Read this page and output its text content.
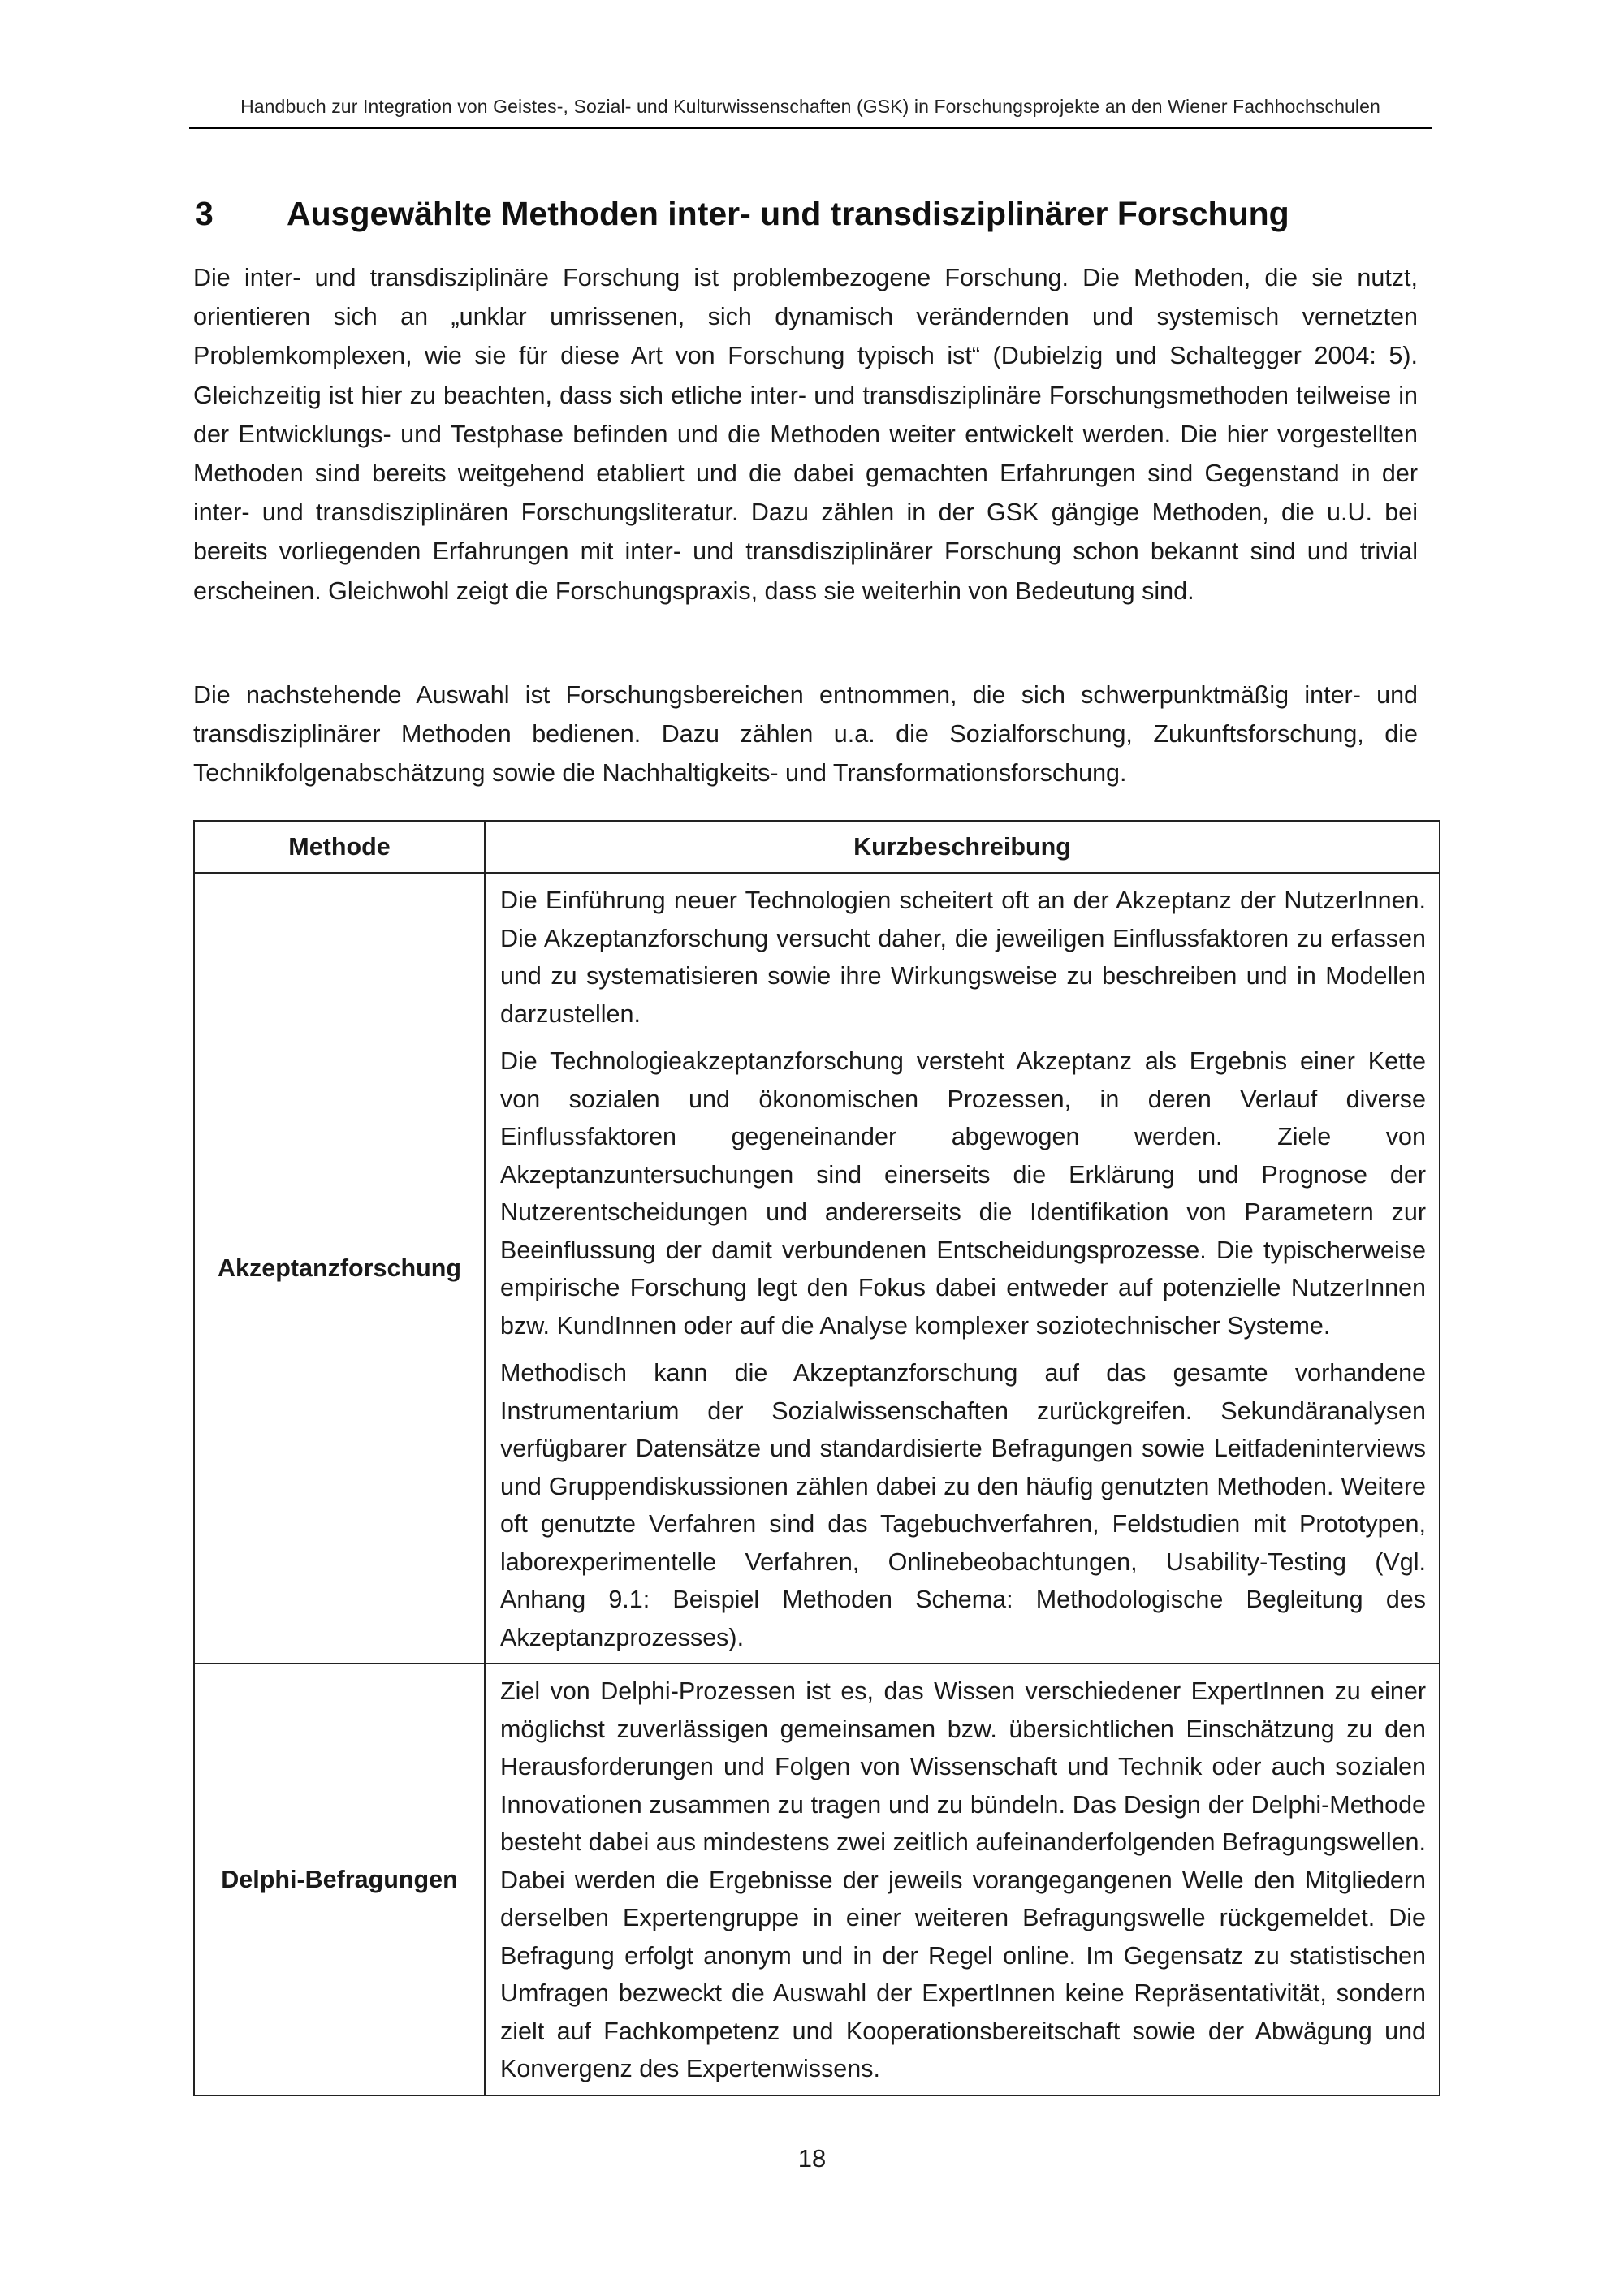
Handbuch zur Integration von Geistes-, Sozial- und Kulturwissenschaften (GSK) in Forschungsprojekte an den Wiener Fachhochschulen
3 Ausgewählte Methoden inter- und transdisziplinärer Forschung
Die inter- und transdisziplinäre Forschung ist problembezogene Forschung. Die Methoden, die sie nutzt, orientieren sich an „unklar umrissenen, sich dynamisch verändernden und systemisch vernetzten Problemkomplexen, wie sie für diese Art von Forschung typisch ist“ (Dubielzig und Schaltegger 2004: 5). Gleichzeitig ist hier zu beachten, dass sich etliche inter- und transdisziplinäre Forschungsmethoden teilweise in der Entwicklungs- und Testphase befinden und die Methoden weiter entwickelt werden. Die hier vorgestellten Methoden sind bereits weitgehend etabliert und die dabei gemachten Erfahrungen sind Gegenstand in der inter- und transdisziplinären Forschungsliteratur. Dazu zählen in der GSK gängige Methoden, die u.U. bei bereits vorliegenden Erfahrungen mit inter- und transdisziplinärer Forschung schon bekannt sind und trivial erscheinen. Gleichwohl zeigt die Forschungspraxis, dass sie weiterhin von Bedeutung sind.
Die nachstehende Auswahl ist Forschungsbereichen entnommen, die sich schwerpunktmäßig inter- und transdisziplinärer Methoden bedienen. Dazu zählen u.a. die Sozialforschung, Zukunftsforschung, die Technikfolgenabschätzung sowie die Nachhaltigkeits- und Transformationsforschung.
Methode	Kurzbeschreibung
Akzeptanzforschung	Die Einführung neuer Technologien scheitert oft an der Akzeptanz der NutzerInnen. Die Akzeptanzforschung versucht daher, die jeweiligen Einflussfaktoren zu erfassen und zu systematisieren sowie ihre Wirkungsweise zu beschreiben und in Modellen darzustellen.

Die Technologieakzeptanzforschung versteht Akzeptanz als Ergebnis einer Kette von sozialen und ökonomischen Prozessen, in deren Verlauf diverse Einflussfaktoren gegeneinander abgewogen werden. Ziele von Akzeptanzuntersuchungen sind einerseits die Erklärung und Prognose der Nutzerentscheidungen und andererseits die Identifikation von Parametern zur Beeinflussung der damit verbundenen Entscheidungsprozesse. Die typischerweise empirische Forschung legt den Fokus dabei entweder auf potenzielle NutzerInnen bzw. KundInnen oder auf die Analyse komplexer soziotechnischer Systeme.

Methodisch kann die Akzeptanzforschung auf das gesamte vorhandene Instrumentarium der Sozialwissenschaften zurückgreifen. Sekundäranalysen verfügbarer Datensätze und standardisierte Befragungen sowie Leitfadeninterviews und Gruppendiskussionen zählen dabei zu den häufig genutzten Methoden. Weitere oft genutzte Verfahren sind das Tagebuchverfahren, Feldstudien mit Prototypen, laborexperimentelle Verfahren, Onlinebeobachtungen, Usability-Testing (Vgl. Anhang 9.1: Beispiel Methoden Schema: Methodologische Begleitung des Akzeptanzprozesses).

Delphi-Befragungen	Ziel von Delphi-Prozessen ist es, das Wissen verschiedener ExpertInnen zu einer möglichst zuverlässigen gemeinsamen bzw. übersichtlichen Einschätzung zu den Herausforderungen und Folgen von Wissenschaft und Technik oder auch sozialen Innovationen zusammen zu tragen und zu bündeln. Das Design der Delphi-Methode besteht dabei aus mindestens zwei zeitlich aufeinanderfolgenden Befragungswellen. Dabei werden die Ergebnisse der jeweils vorangegangenen Welle den Mitgliedern derselben Expertengruppe in einer weiteren Befragungswelle rückgemeldet. Die Befragung erfolgt anonym und in der Regel online. Im Gegensatz zu statistischen Umfragen bezweckt die Auswahl der ExpertInnen keine Repräsentativität, sondern zielt auf Fachkompetenz und Kooperationsbereitschaft sowie der Abwägung und Konvergenz des Expertenwissens.

18
